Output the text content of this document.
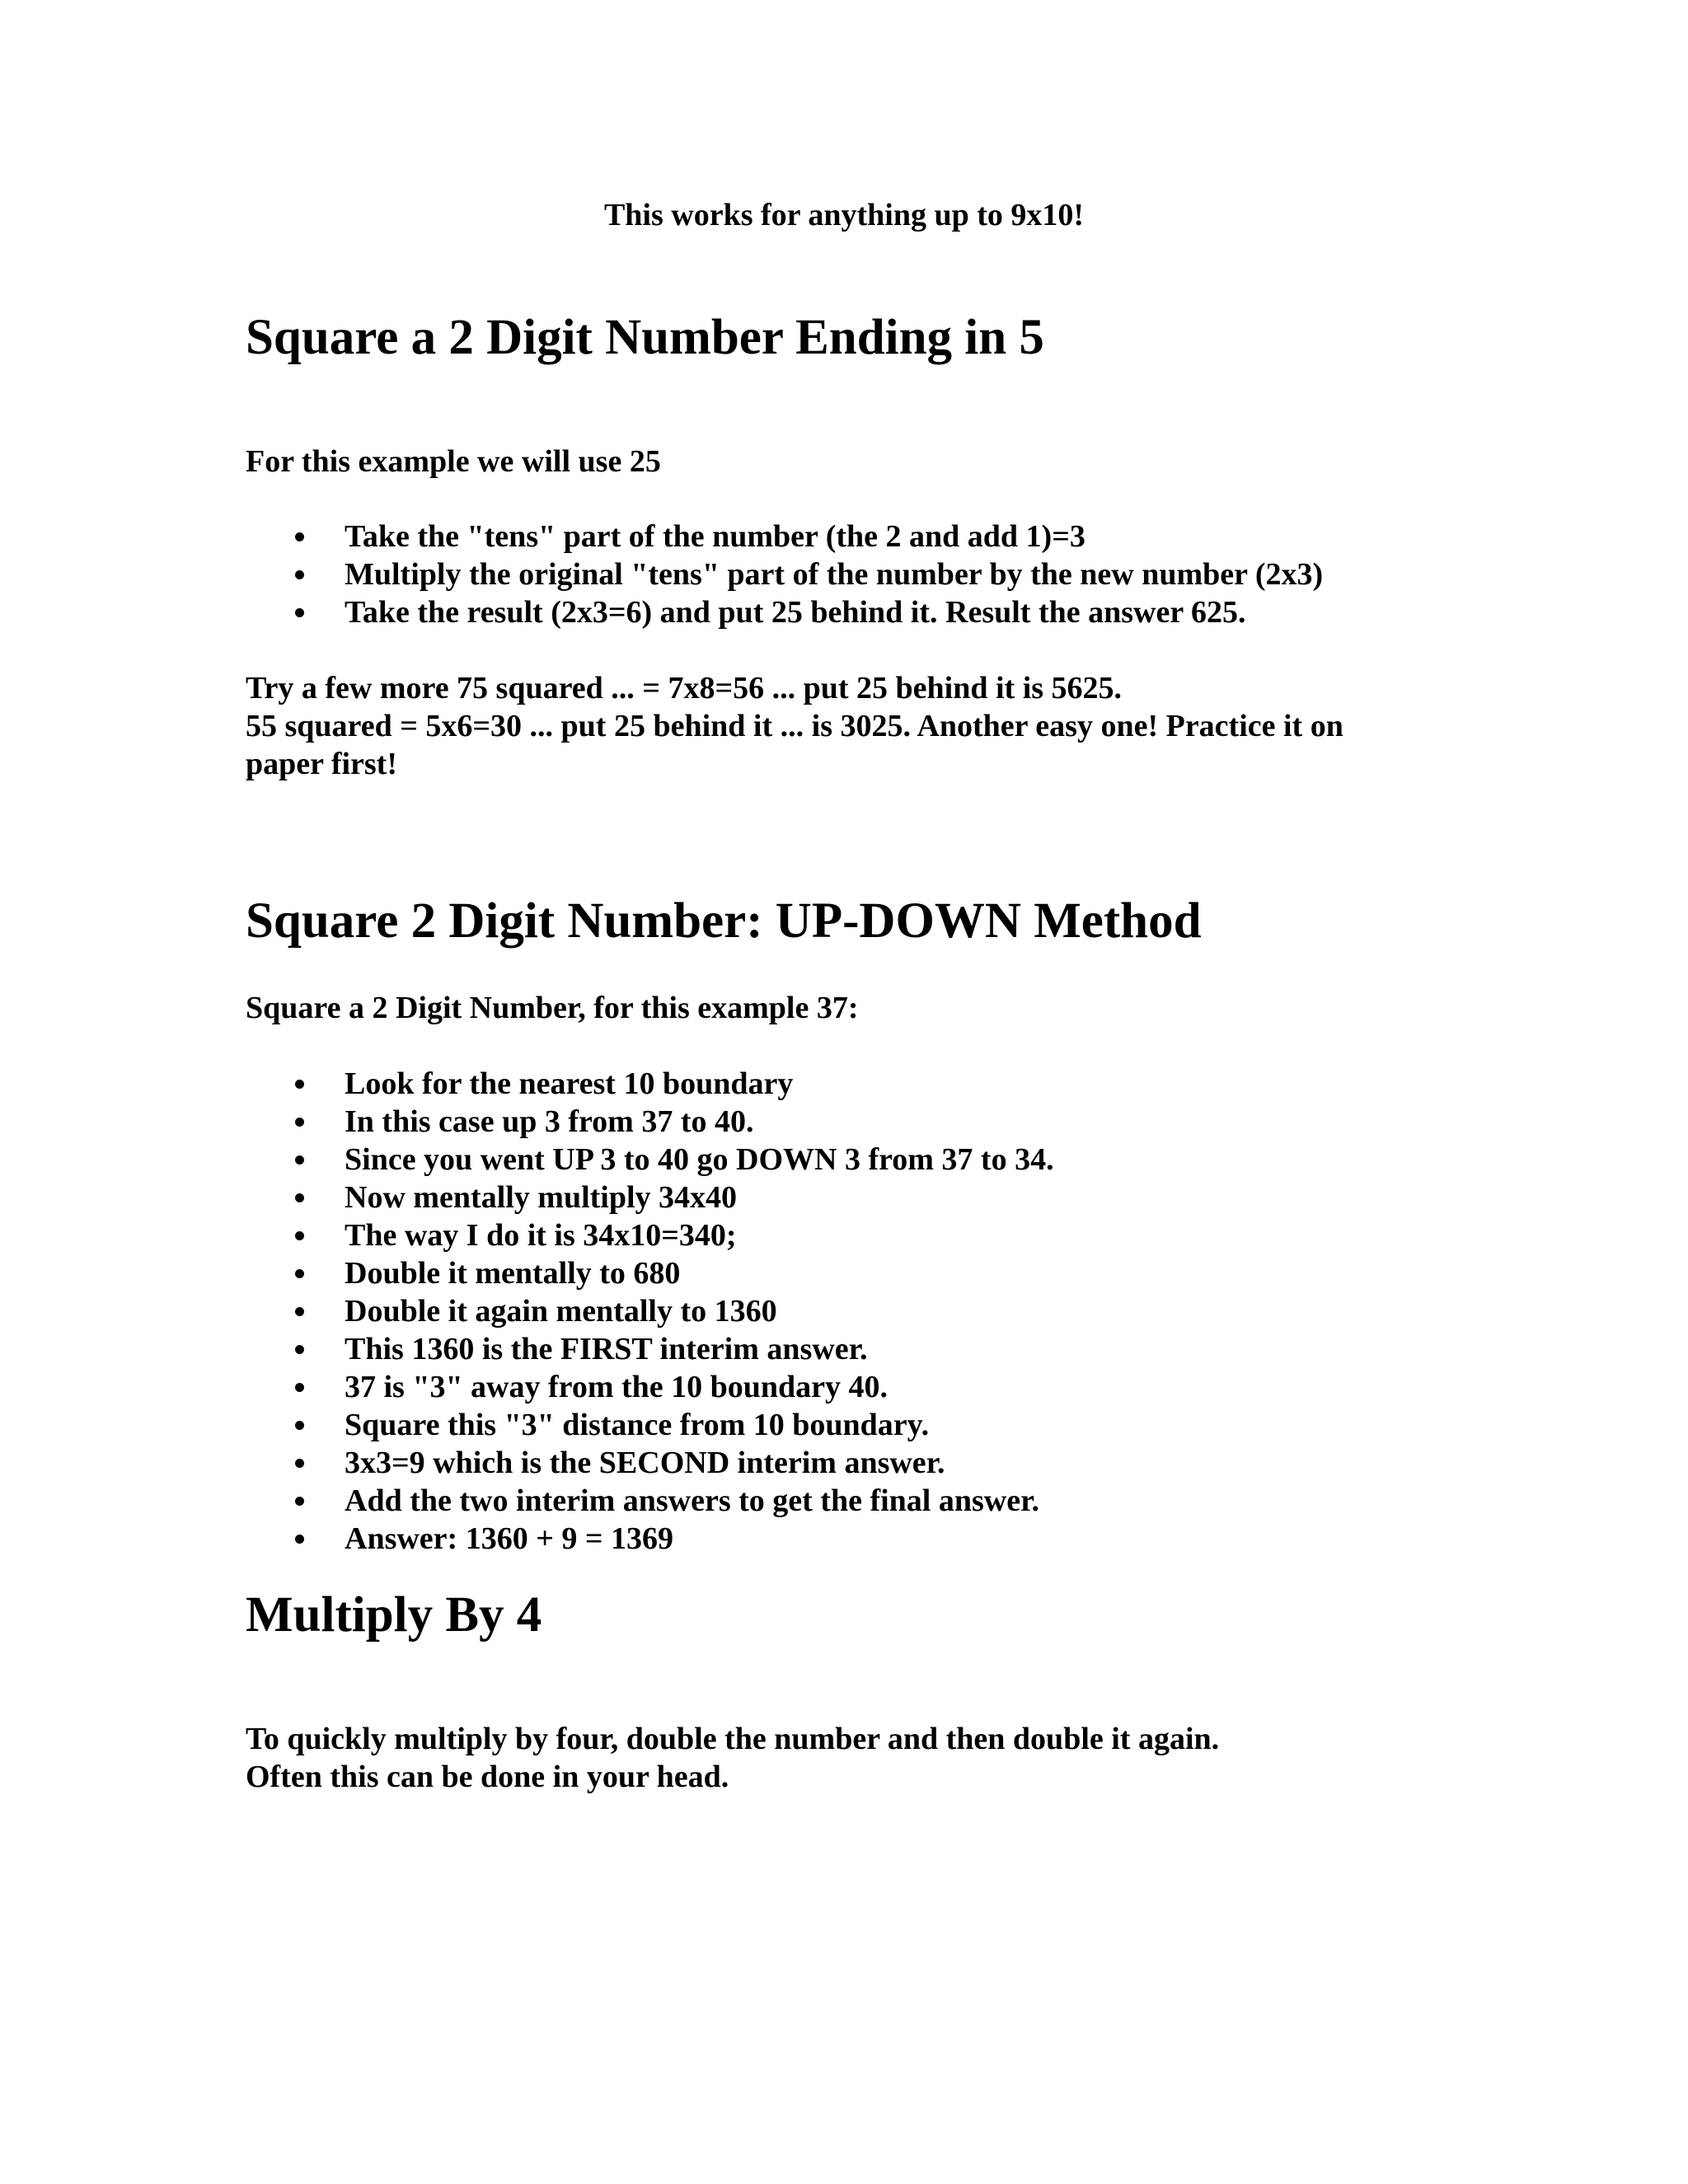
This works for anything up to 9x10!

Square a 2 Digit Number Ending in 5

For this example we will use 25

Take the "tens" part of the number (the 2 and add 1)=3
Multiply the original "tens" part of the number by the new number (2x3)
Take the result (2x3=6) and put 25 behind it. Result the answer 625.

Try a few more 75 squared ... = 7x8=56 ... put 25 behind it is 5625.

55 squared = 5x6=30 ... put 25 behind it ... is 3025. Another easy one! Practice it on

paper first!

Square 2 Digit Number: UP-DOWN Method

Square a 2 Digit Number, for this example 37:

Look for the nearest 10 boundary
In this case up 3 from 37 to 40.
Since you went UP 3 to 40 go DOWN 3 from 37 to 34.
Now mentally multiply 34x40
The way I do it is 34x10=340;
Double it mentally to 680
Double it again mentally to 1360
This 1360 is the FIRST interim answer.
37 is "3" away from the 10 boundary 40.
Square this "3" distance from 10 boundary.
3x3=9 which is the SECOND interim answer.
Add the two interim answers to get the final answer.
Answer: 1360 + 9 = 1369
Multiply By 4

To quickly multiply by four, double the number and then double it again.

Often this can be done in your head.
